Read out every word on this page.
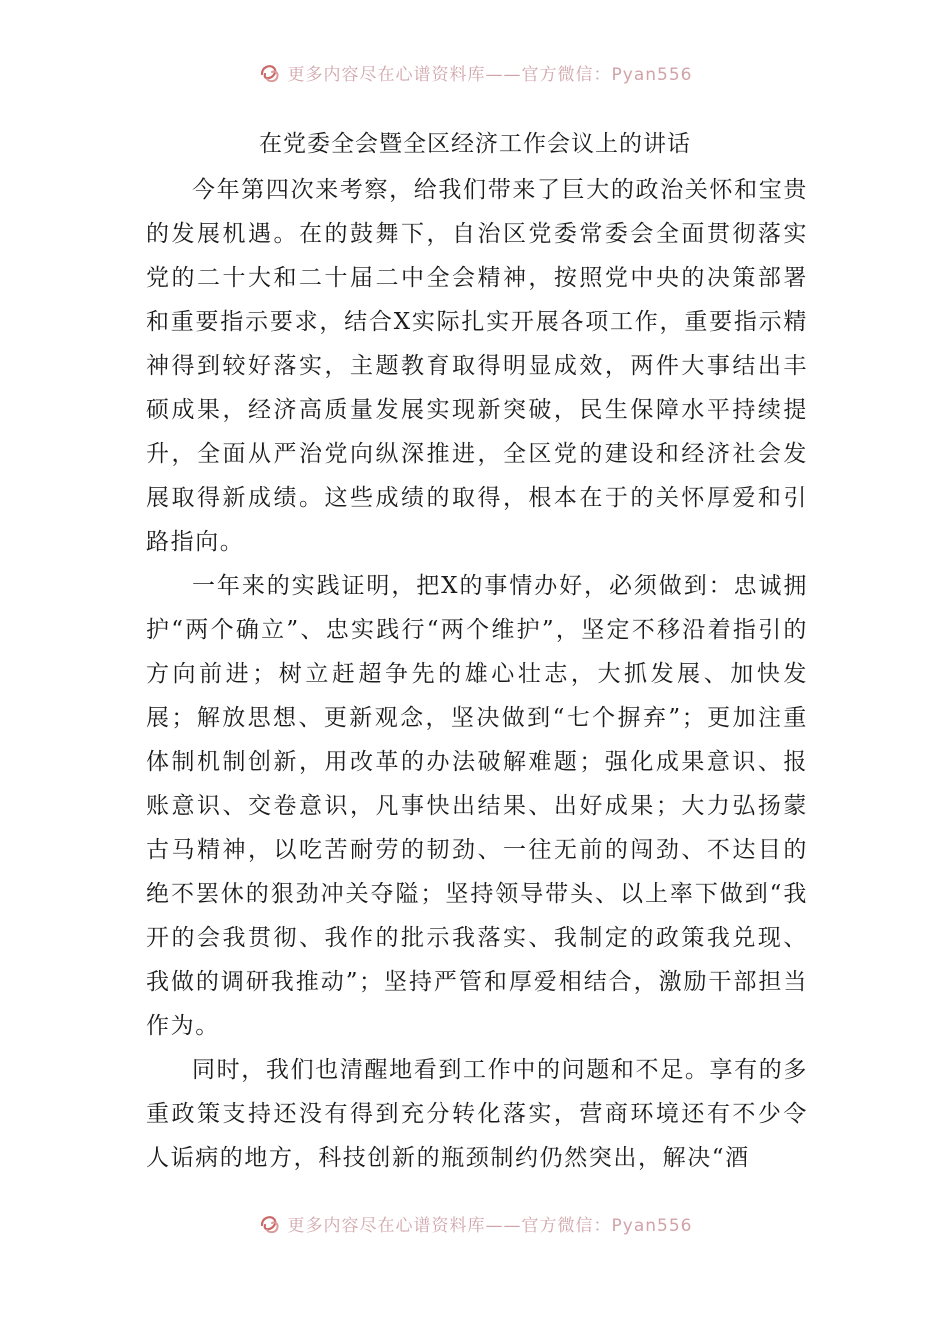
更多内容尽在心谱资料库——官方微信：Pyan556
在党委全会暨全区经济工作会议上的讲话

今年第四次来考察，给我们带来了巨大的政治关怀和宝贵的发展机遇。在的鼓舞下，自治区党委常委会全面贯彻落实党的二十大和二十届二中全会精神，按照党中央的决策部署和重要指示要求，结合X实际扎实开展各项工作，重要指示精神得到较好落实，主题教育取得明显成效，两件大事结出丰硕成果，经济高质量发展实现新突破，民生保障水平持续提升，全面从严治党向纵深推进，全区党的建设和经济社会发展取得新成绩。这些成绩的取得，根本在于的关怀厚爱和引路指向。

一年来的实践证明，把X的事情办好，必须做到：忠诚拥护“两个确立”、忠实践行“两个维护”，坚定不移沿着指引的方向前进；树立赶超争先的雄心壮志，大抓发展、加快发展；解放思想、更新观念，坚决做到“七个摒弃”；更加注重体制机制创新，用改革的办法破解难题；强化成果意识、报账意识、交卷意识，凡事快出结果、出好成果；大力弘扬蒙古马精神，以吃苦耐劳的韧劲、一往无前的闯劲、不达目的绝不罢休的狠劲冲关夺隘；坚持领导带头、以上率下做到“我开的会我贯彻、我作的批示我落实、我制定的政策我兑现、我做的调研我推动”；坚持严管和厚爱相结合，激励干部担当作为。

同时，我们也清醒地看到工作中的问题和不足。享有的多重政策支持还没有得到充分转化落实，营商环境还有不少令人诟病的地方，科技创新的瓶颈制约仍然突出，解决“酒

更多内容尽在心谱资料库——官方微信：Pyan556
